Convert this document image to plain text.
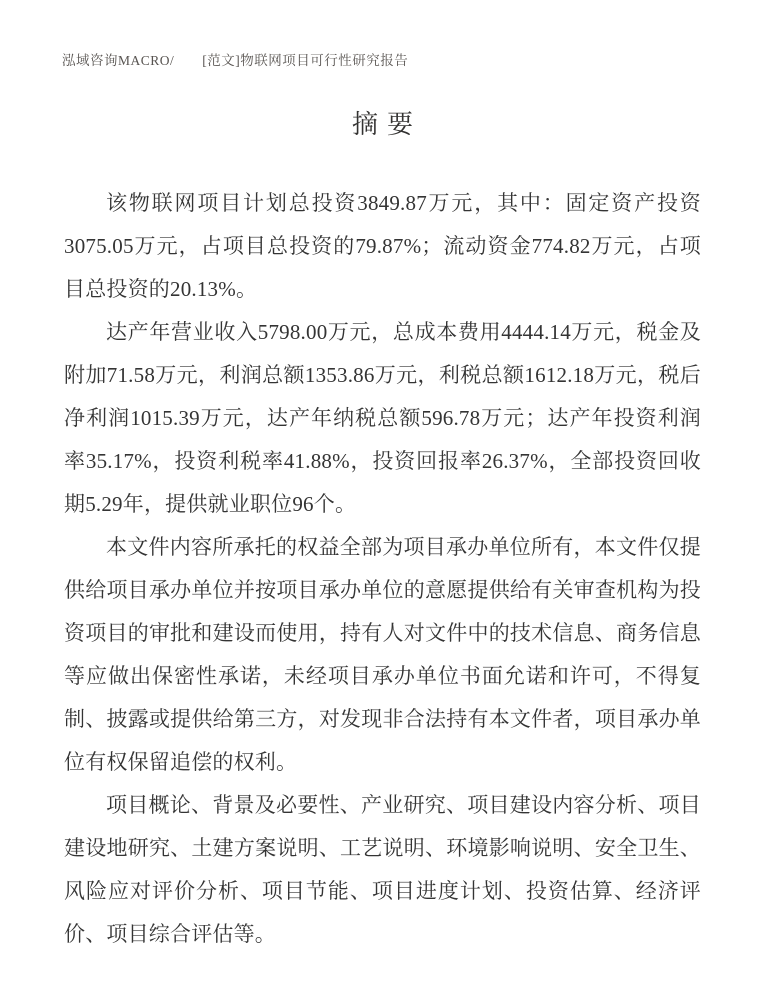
泓域咨询MACRO/ [范文]物联网项目可行性研究报告
摘要

该物联网项目计划总投资3849.87万元，其中：固定资产投资3075.05万元，占项目总投资的79.87%；流动资金774.82万元，占项目总投资的20.13%。

达产年营业收入5798.00万元，总成本费用4444.14万元，税金及附加71.58万元，利润总额1353.86万元，利税总额1612.18万元，税后净利润1015.39万元，达产年纳税总额596.78万元；达产年投资利润率35.17%，投资利税率41.88%，投资回报率26.37%，全部投资回收期5.29年，提供就业职位96个。

本文件内容所承托的权益全部为项目承办单位所有，本文件仅提供给项目承办单位并按项目承办单位的意愿提供给有关审查机构为投资项目的审批和建设而使用，持有人对文件中的技术信息、商务信息等应做出保密性承诺，未经项目承办单位书面允诺和许可，不得复制、披露或提供给第三方，对发现非合法持有本文件者，项目承办单位有权保留追偿的权利。

项目概论、背景及必要性、产业研究、项目建设内容分析、项目建设地研究、土建方案说明、工艺说明、环境影响说明、安全卫生、风险应对评价分析、项目节能、项目进度计划、投资估算、经济评价、项目综合评估等。
